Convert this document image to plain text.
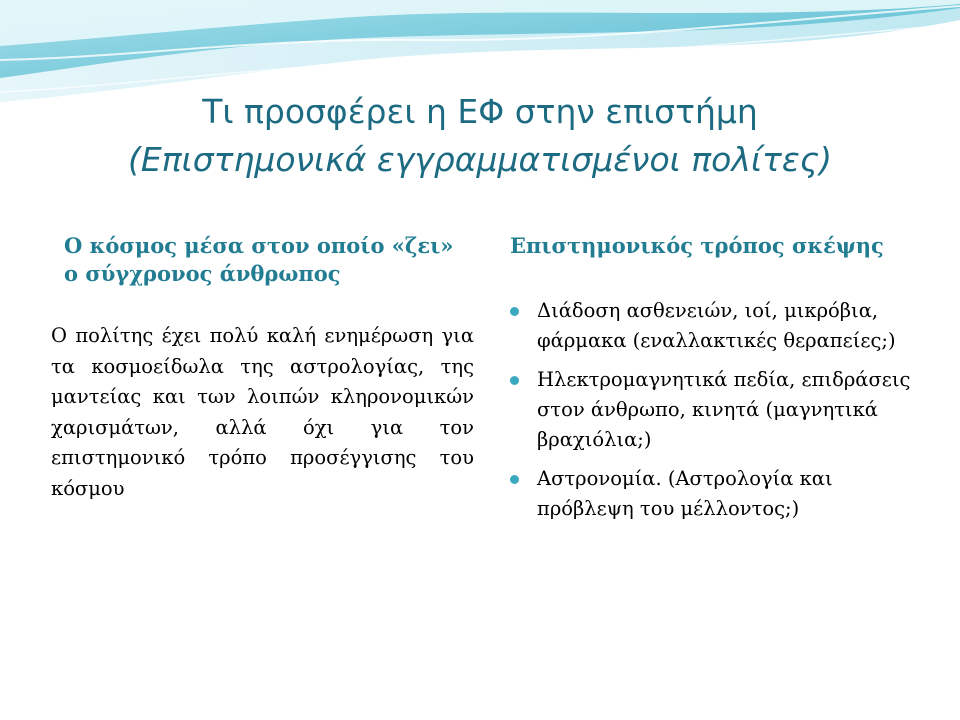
Τι προσφέρει η ΕΦ στην επιστήμη
(Επιστημονικά εγγραμματισμένοι πολίτες)
Ο κόσμος μέσα στον οποίο «ζει» ο σύγχρονος άνθρωπος
Επιστημονικός τρόπος σκέψης
Ο πολίτης έχει πολύ καλή ενημέρωση για τα κοσμοείδωλα της αστρολογίας, της μαντείας και των λοιπών κληρονομικών χαρισμάτων, αλλά όχι για τον επιστημονικό τρόπο προσέγγισης του κόσμου
Διάδοση ασθενειών, ιοί, μικρόβια, φάρμακα (εναλλακτικές θεραπείες;)
Ηλεκτρομαγνητικά πεδία, επιδράσεις στον άνθρωπο, κινητά (μαγνητικά βραχιόλια;)
Αστρονομία. (Αστρολογία και πρόβλεψη του μέλλοντος;)
